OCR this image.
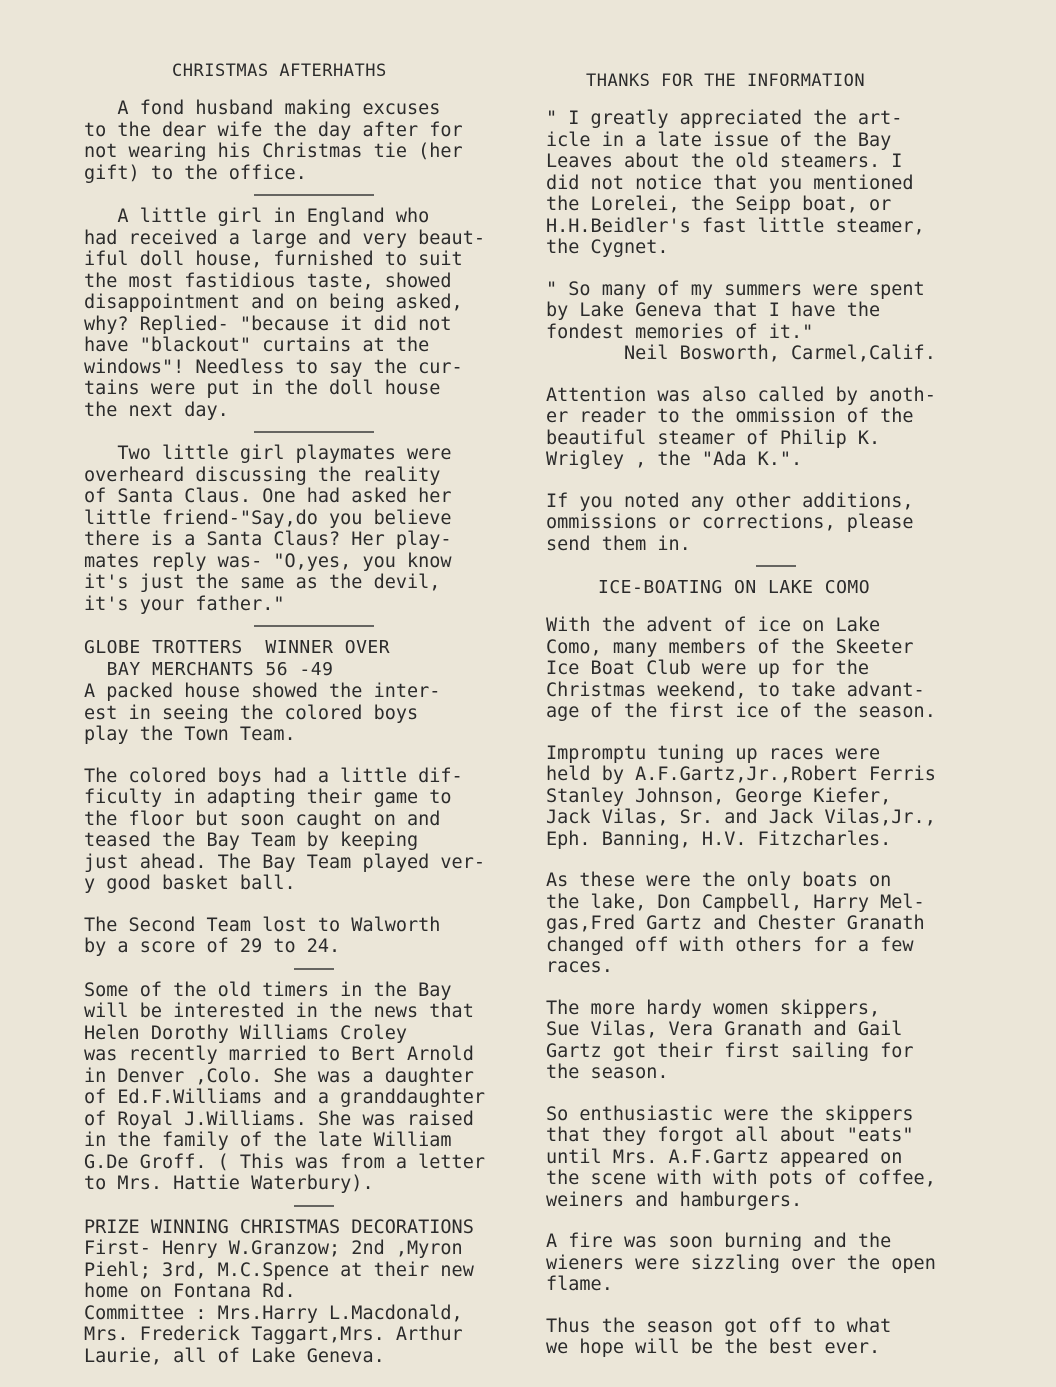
CHRISTMAS AFTERHATHS
A fond husband making excuses
to the dear wife the day after for
not wearing his Christmas tie (her
gift) to the office.
A little girl in England who
had received a large and very beaut-
iful doll house, furnished to suit
the most fastidious taste, showed
disappointment and on being asked,
why? Replied- "because it did not
have "blackout" curtains at the
windows"! Needless to say the cur-
tains were put in the doll house
the next day.
Two little girl playmates were
overheard discussing the reality
of Santa Claus. One had asked her
little friend-"Say,do you believe
there is a Santa Claus? Her play-
mates reply was- "O,yes, you know
it's just the same as the devil,
it's your father."
GLOBE TROTTERS  WINNER OVER
BAY MERCHANTS 56 -49
A packed house showed the inter-
est in seeing the colored boys
play the Town Team.
The colored boys had a little dif-
ficulty in adapting their game to
the floor but soon caught on and
teased the Bay Team by keeping
just ahead. The Bay Team played ver-
y good basket ball.
The Second Team lost to Walworth
by a score of 29 to 24.
Some of the old timers in the Bay
will be interested in the news that
Helen Dorothy Williams Croley
was recently married to Bert Arnold
in Denver ,Colo. She was a daughter
of Ed.F.Williams and a granddaughter
of Royal J.Williams. She was raised
in the family of the late William
G.De Groff. ( This was from a letter
to Mrs. Hattie Waterbury).
PRIZE WINNING CHRISTMAS DECORATIONS
First- Henry W.Granzow; 2nd ,Myron
Piehl; 3rd, M.C.Spence at their new
home on Fontana Rd.
Committee : Mrs.Harry L.Macdonald,
Mrs. Frederick Taggart,Mrs. Arthur
Laurie, all of Lake Geneva.
THANKS FOR THE INFORMATION
" I greatly appreciated the art-
icle in a late issue of the Bay
Leaves about the old steamers. I
did not notice that you mentioned
the Lorelei, the Seipp boat, or
H.H.Beidler's fast little steamer,
the Cygnet.
" So many of my summers were spent
by Lake Geneva that I have the
fondest memories of it."
Neil Bosworth, Carmel,Calif.
Attention was also called by anoth-
er reader to the ommission of the
beautiful steamer of Philip K.
Wrigley , the "Ada K.".
If you noted any other additions,
ommissions or corrections, please
send them in.
ICE-BOATING ON LAKE COMO
With the advent of ice on Lake
Como, many members of the Skeeter
Ice Boat Club were up for the
Christmas weekend, to take advant-
age of the first ice of the season.
Impromptu tuning up races were
held by A.F.Gartz,Jr.,Robert Ferris
Stanley Johnson, George Kiefer,
Jack Vilas, Sr. and Jack Vilas,Jr.,
Eph. Banning, H.V. Fitzcharles.
As these were the only boats on
the lake, Don Campbell, Harry Mel-
gas,Fred Gartz and Chester Granath
changed off with others for a few
races.
The more hardy women skippers,
Sue Vilas, Vera Granath and Gail
Gartz got their first sailing for
the season.
So enthusiastic were the skippers
that they forgot all about "eats"
until Mrs. A.F.Gartz appeared on
the scene with with pots of coffee,
weiners and hamburgers.
A fire was soon burning and the
wieners were sizzling over the open
flame.
Thus the season got off to what
we hope will be the best ever.
